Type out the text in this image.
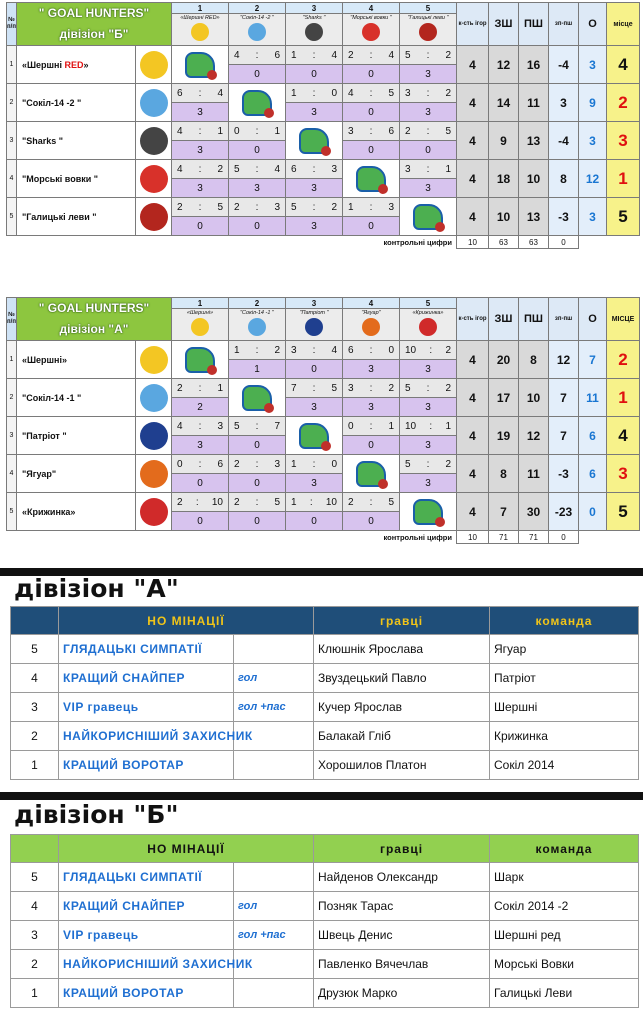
№ п/п	" GOAL HUNTERS"
дівізіон "Б"		1	2	3	4	5	к-сть ігор	ЗШ	ПШ	зп-пш	О	місце

			«Шершні RED»	"Сокіл-14 -2 "	"Sharks "	"Морські вовки "	"Галицькі леви "						

1	«Шершні RED»			4 : 6	1 : 4	2 : 4	5 : 2	4	12	16	-4	3	4
				0	0	0	3						
2	"Сокіл-14 -2 "		6 : 4		1 : 0	4 : 5	3 : 2	4	14	11	3	9	2
			3		3	0	3						
3	"Sharks "		4 : 1	0 : 1		3 : 6	2 : 5	4	9	13	-4	3	3
			3	0		0	0						
4	"Морські вовки "		4 : 2	5 : 4	6 : 3		3 : 1	4	18	10	8	12	1
			3	3	3		3						
5	"Галицькі леви "		2 : 5	2 : 3	5 : 2	1 : 3		4	10	13	-3	3	5
			0	0	3	0							
			контрольні цифри					10	63	63	0		
№ п/п	" GOAL HUNTERS"
дівізіон "А"		1	2	3	4	5	к-сть ігор	ЗШ	ПШ	зп-пш	О	МІСЦЕ

			«Шершні»	"Сокіл-14 -1 "	"Патріот "	"Ягуар"	«Крижинка»						

1	«Шершні»			1 : 2	3 : 4	6 : 0	10 : 2	4	20	8	12	7	2
				1	0	3	3						
2	"Сокіл-14 -1 "		2 : 1		7 : 5	3 : 2	5 : 2	4	17	10	7	11	1
			2		3	3	3						
3	"Патріот "		4 : 3	5 : 7		0 : 1	10 : 1	4	19	12	7	6	4
			3	0		0	3						
4	"Ягуар"		0 : 6	2 : 3	1 : 0		5 : 2	4	8	11	-3	6	3
			0	0	3		3						
5	«Крижинка»		2 : 10	2 : 5	1 : 10	2 : 5		4	7	30	-23	0	5
			0	0	0	0							
			контрольні цифри					10	71	71	0		
дівізіон "А"
	НО МІНАЦІЇ		гравці	команда
5	ГЛЯДАЦЬКІ СИМПАТІЇ		Клюшнік Ярослава	Ягуар
4	КРАЩИЙ СНАЙПЕР	гол	Звуздецький Павло	Патріот
3	VIP гравець	гол +пас	Кучер Ярослав	Шершні
2	НАЙКОРИСНІШИЙ ЗАХИСНИК		Балакай Гліб	Крижинка
1	КРАЩИЙ ВОРОТАР		Хорошилов Платон	Сокіл 2014
дівізіон "Б"
	НО МІНАЦІЇ		гравці	команда
5	ГЛЯДАЦЬКІ СИМПАТІЇ		Найденов Олександр	Шарк
4	КРАЩИЙ СНАЙПЕР	гол	Позняк Тарас	Сокіл 2014 -2
3	VIP гравець	гол +пас	Швець Денис	Шершні ред
2	НАЙКОРИСНІШИЙ ЗАХИСНИК		Павленко Вячечлав	Морські Вовки
1	КРАЩИЙ ВОРОТАР		Друзюк Марко	Галицькі Леви
